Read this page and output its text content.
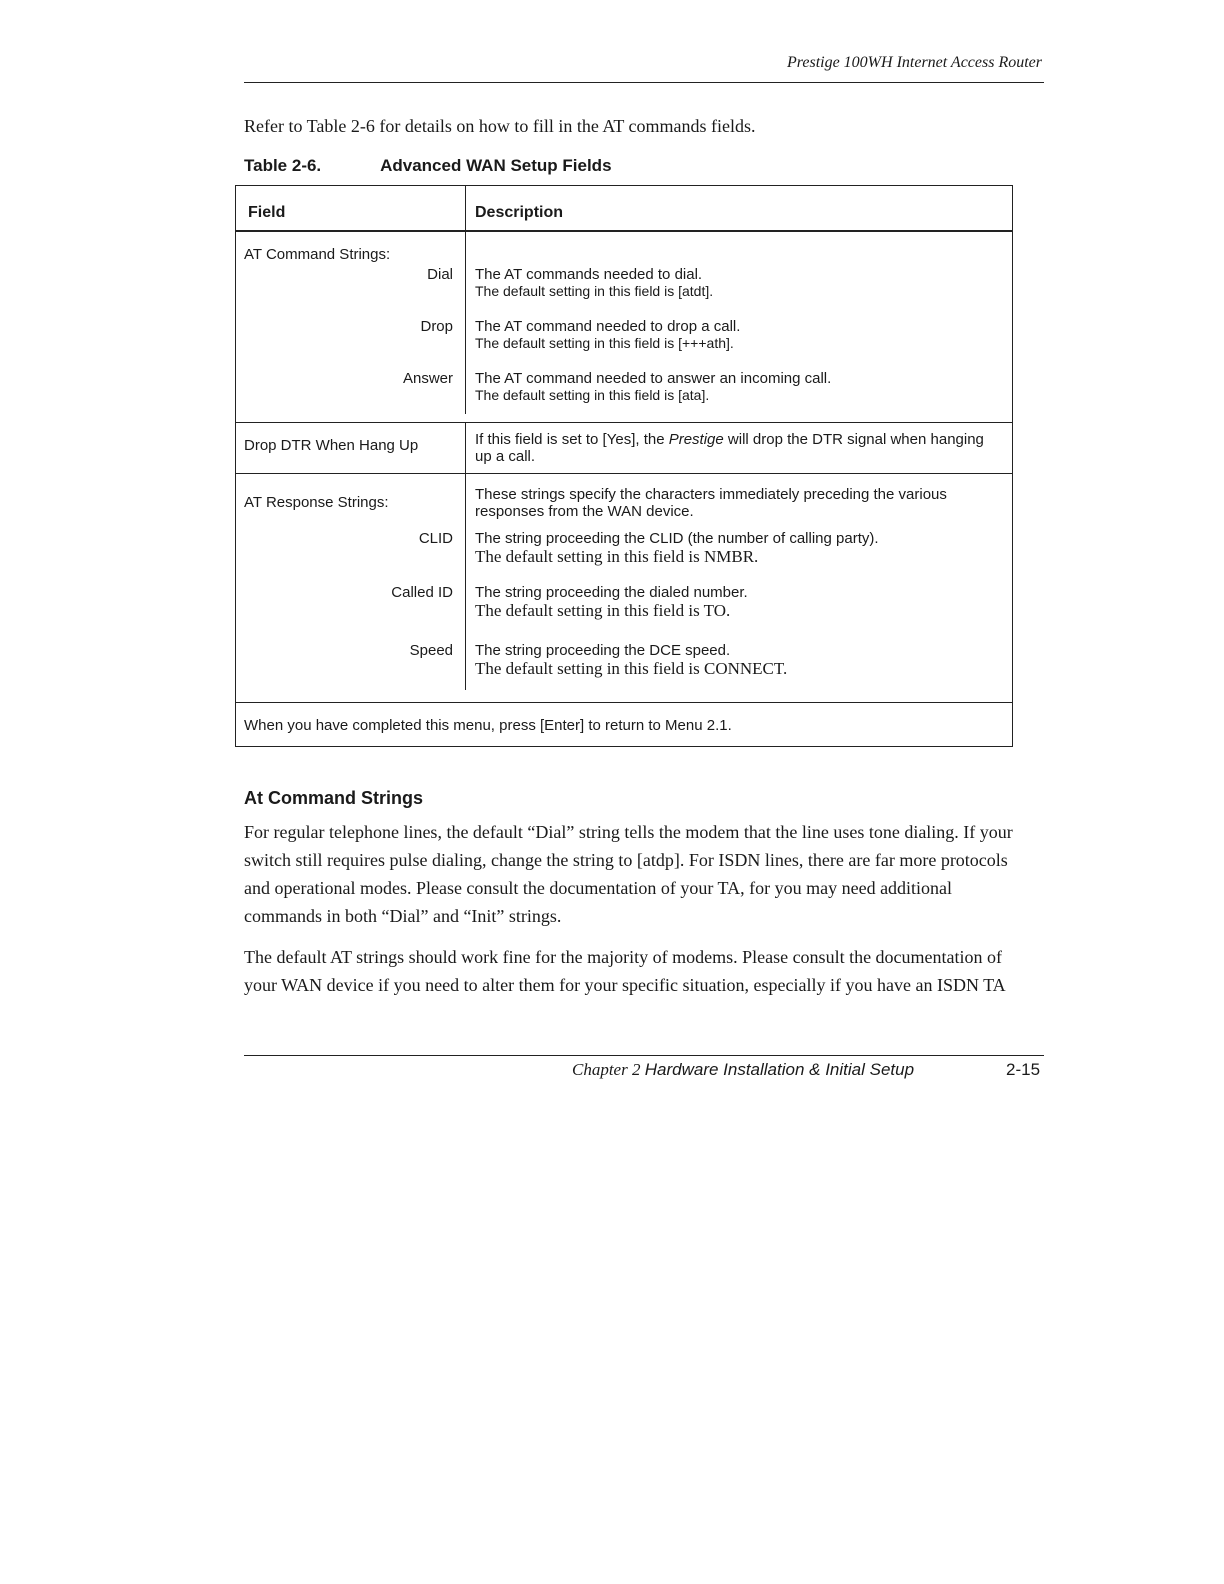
Prestige 100WH Internet Access Router
Refer to Table 2-6 for details on how to fill in the AT commands fields.
Table 2-6.	Advanced WAN Setup Fields
Field	Description
AT Command Strings:
Dial	The AT commands needed to dial.
The default setting in this field is [atdt].
Drop	The AT command needed to drop a call.
The default setting in this field is [+++ath].
Answer	The AT command needed to answer an incoming call.
The default setting in this field is [ata].
Drop DTR When Hang Up	If this field is set to [Yes], the Prestige will drop the DTR signal when hanging up a call.
AT Response Strings:	These strings specify the characters immediately preceding the various responses from the WAN device.
CLID	The string proceeding the CLID (the number of calling party).
The default setting in this field is NMBR.
Called ID	The string proceeding the dialed number.
The default setting in this field is TO.
Speed	The string proceeding the DCE speed.
The default setting in this field is CONNECT.
When you have completed this menu, press [Enter] to return to Menu 2.1.
At Command Strings
For regular telephone lines, the default “Dial” string tells the modem that the line uses tone dialing. If your switch still requires pulse dialing, change the string to [atdp]. For ISDN lines, there are far more protocols and operational modes. Please consult the documentation of your TA, for you may need additional commands in both “Dial” and “Init” strings.
The default AT strings should work fine for the majority of modems. Please consult the documentation of your WAN device if you need to alter them for your specific situation, especially if you have an ISDN TA
Chapter 2 Hardware Installation & Initial Setup	2-15
